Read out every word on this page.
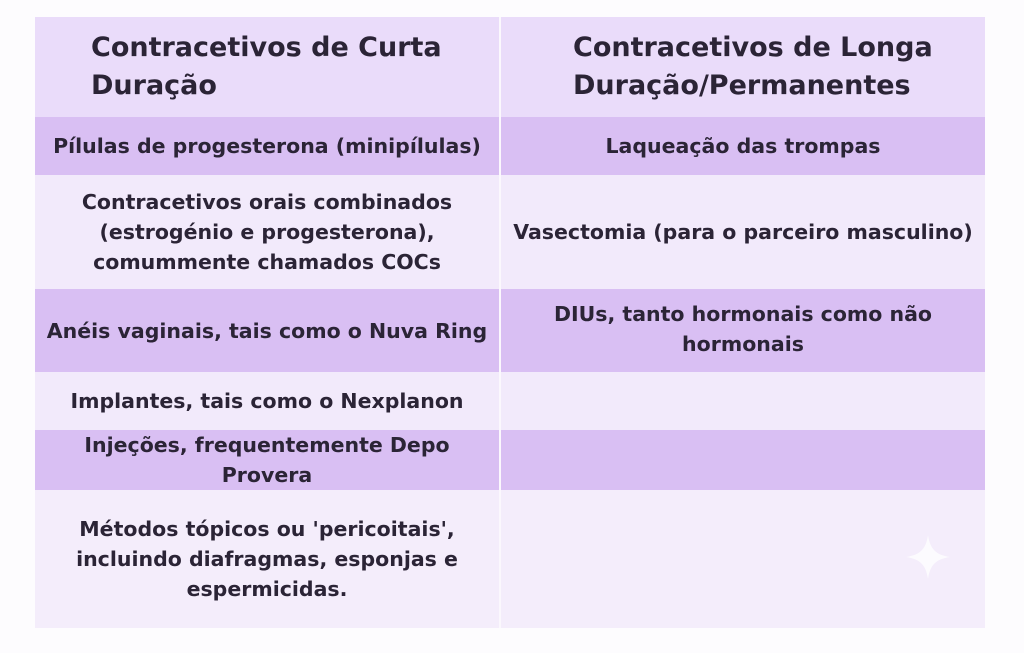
Contracetivos de Curta Duração	Contracetivos de Longa Duração/Permanentes
Pílulas de progesterona (minipílulas)	Laqueação das trompas
Contracetivos orais combinados (estrogénio e progesterona), comummente chamados COCs	Vasectomia (para o parceiro masculino)
Anéis vaginais, tais como o Nuva Ring	DIUs, tanto hormonais como não hormonais
Implantes, tais como o Nexplanon	
Injeções, frequentemente Depo Provera	
Métodos tópicos ou 'pericoitais', incluindo diafragmas, esponjas e espermicidas.	
